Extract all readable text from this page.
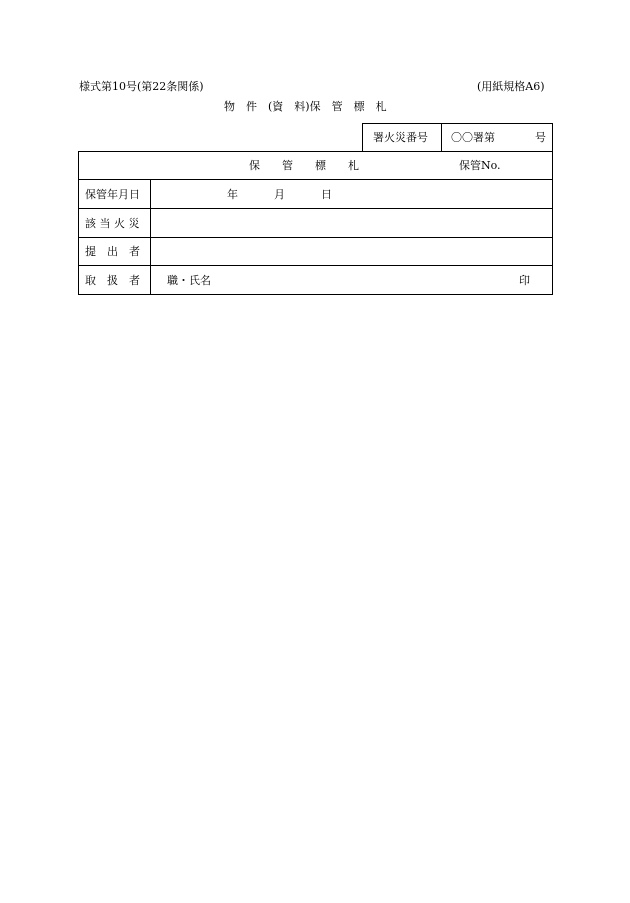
様式第10号(第22条関係)	(用紙規格A6)
物　件　(資　料)保　管　標　札
署火災番号 〇〇署第	号
保　　管　　標　　札	保管No.
保管年月日	年	月	日
該 当 火 災
提　出　者
取　扱　者 職・氏名	印
